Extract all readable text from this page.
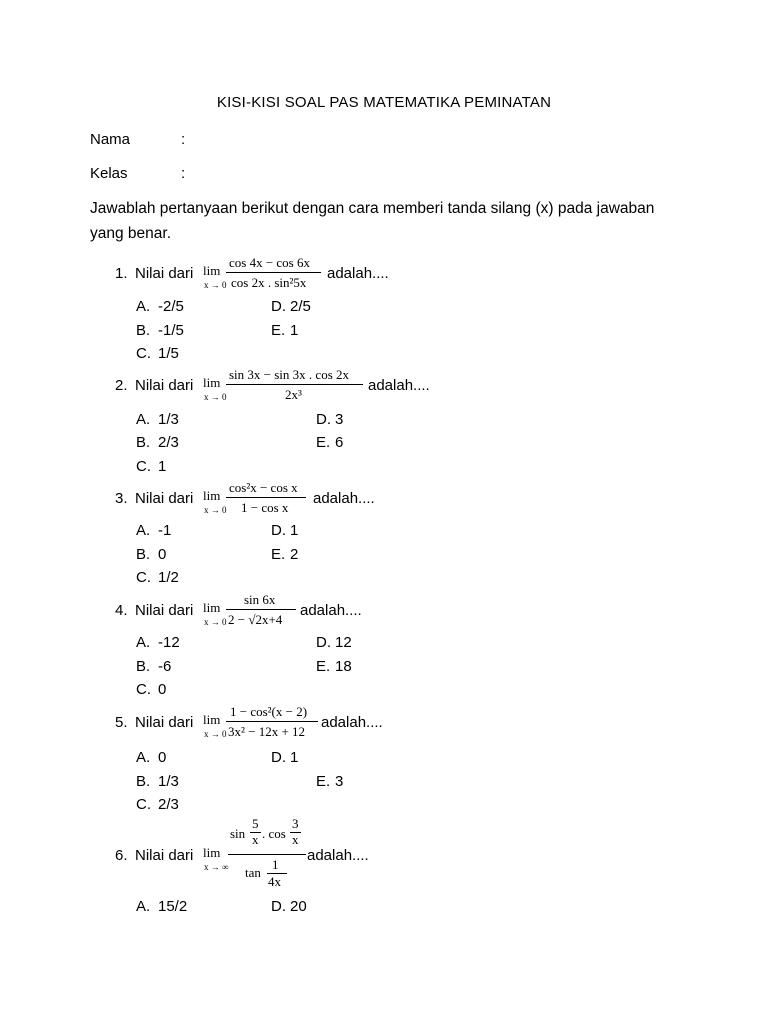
KISI-KISI SOAL PAS MATEMATIKA PEMINATAN
Nama	:
Kelas	:
Jawablah pertanyaan berikut dengan cara memberi tanda silang (x) pada jawaban yang benar.
1. Nilai dari lim
x → 0
cos 4x − cos 6x
cos 2x . sin²5x
adalah....
A. -2/5
B. -1/5
C. 1/5
D. 2/5
E. 1
2. Nilai dari lim
x → 0
sin 3x − sin 3x . cos 2x
2x³
adalah....
A. 1/3
B. 2/3
C. 1
D. 3
E. 6
3. Nilai dari lim
x → 0
cos²x − cos x
1 − cos x
adalah....
A. -1
B. 0
C. 1/2
D. 1
E. 2
4. Nilai dari lim
x → 0
sin 6x
2 − √2x+4
adalah....
A. -12
B. -6
C. 0
D. 12
E. 18
5. Nilai dari lim
x → 0
1 − cos²(x − 2)
3x² − 12x + 12
adalah....
A. 0
B. 1/3
C. 2/3
D. 1
E. 3
6. Nilai dari lim
x → ∞
sin
5
x . cos
3
x
tan
1
4x
adalah....
A. 15/2	D. 20
